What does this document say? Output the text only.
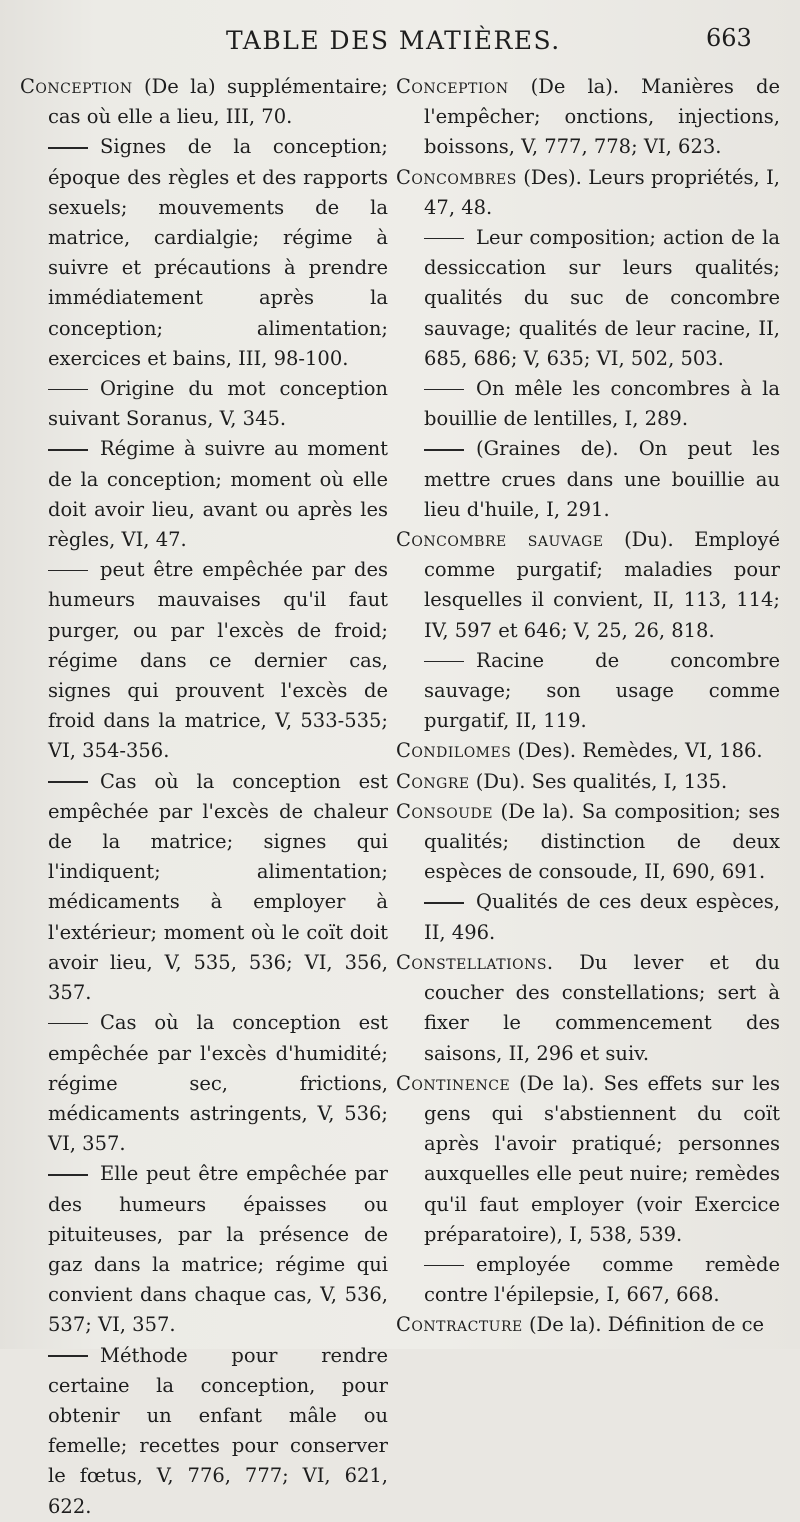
TABLE DES MATIÈRES.	663

Conception (De la) supplémentaire; cas où elle a lieu, III, 70.

Signes de la conception; époque des règles et des rapports sexuels; mouvements de la matrice, cardialgie; régime à suivre et précautions à prendre immédiatement après la conception; alimentation; exercices et bains, III, 98-100.

Origine du mot conception suivant Soranus, V, 345.

Régime à suivre au moment de la conception; moment où elle doit avoir lieu, avant ou après les règles, VI, 47.

peut être empêchée par des humeurs mauvaises qu'il faut purger, ou par l'excès de froid; régime dans ce dernier cas, signes qui prouvent l'excès de froid dans la matrice, V, 533-535; VI, 354-356.

Cas où la conception est empêchée par l'excès de chaleur de la matrice; signes qui l'indiquent; alimentation; médicaments à employer à l'extérieur; moment où le coït doit avoir lieu, V, 535, 536; VI, 356, 357.

Cas où la conception est empêchée par l'excès d'humidité; régime sec, frictions, médicaments astringents, V, 536; VI, 357.

Elle peut être empêchée par des humeurs épaisses ou pituiteuses, par la présence de gaz dans la matrice; régime qui convient dans chaque cas, V, 536, 537; VI, 357.

Méthode pour rendre certaine la conception, pour obtenir un enfant mâle ou femelle; recettes pour conserver le fœtus, V, 776, 777; VI, 621, 622.

Conception (De la). Manières de l'empêcher; onctions, injections, boissons, V, 777, 778; VI, 623.

Concombres (Des). Leurs propriétés, I, 47, 48.

Leur composition; action de la dessiccation sur leurs qualités; qualités du suc de concombre sauvage; qualités de leur racine, II, 685, 686; V, 635; VI, 502, 503.

On mêle les concombres à la bouillie de lentilles, I, 289.

(Graines de). On peut les mettre crues dans une bouillie au lieu d'huile, I, 291.

Concombre sauvage (Du). Employé comme purgatif; maladies pour lesquelles il convient, II, 113, 114; IV, 597 et 646; V, 25, 26, 818.

Racine de concombre sauvage; son usage comme purgatif, II, 119.

Condilomes (Des). Remèdes, VI, 186.

Congre (Du). Ses qualités, I, 135.

Consoude (De la). Sa composition; ses qualités; distinction de deux espèces de consoude, II, 690, 691.

Qualités de ces deux espèces, II, 496.

Constellations. Du lever et du coucher des constellations; sert à fixer le commencement des saisons, II, 296 et suiv.

Continence (De la). Ses effets sur les gens qui s'abstiennent du coït après l'avoir pratiqué; personnes auxquelles elle peut nuire; remèdes qu'il faut employer (voir Exercice préparatoire), I, 538, 539.

employée comme remède contre l'épilepsie, I, 667, 668.

Contracture (De la). Définition de ce
